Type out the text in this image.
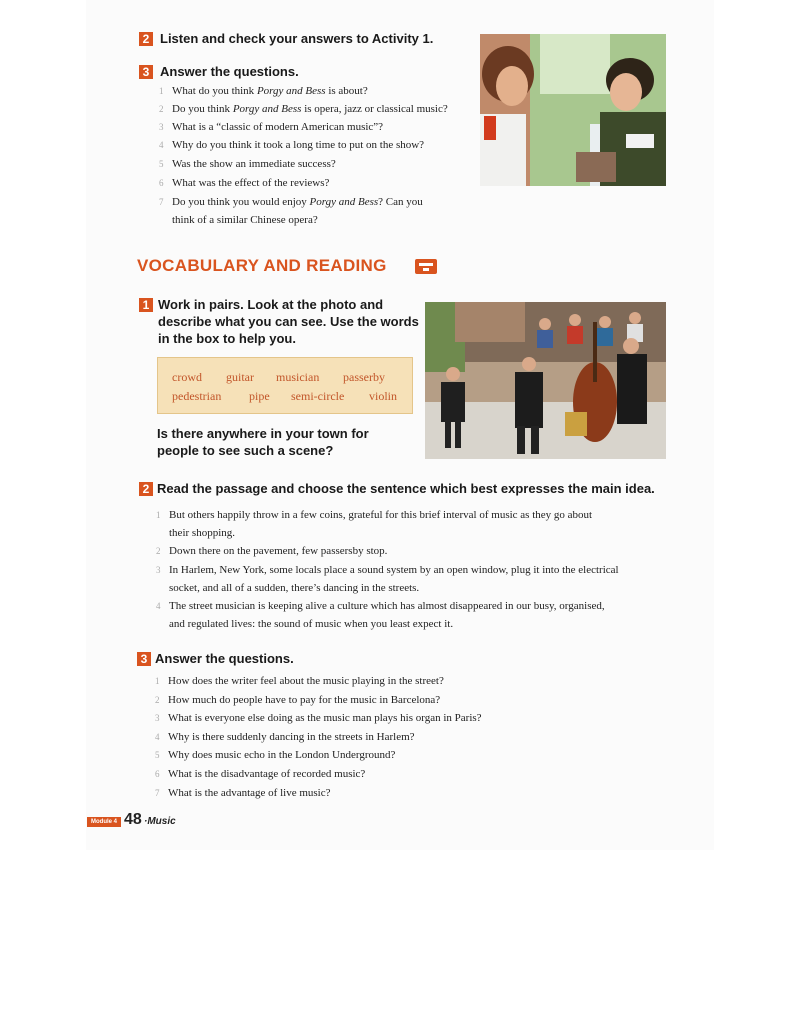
2 Listen and check your answers to Activity 1.
3 Answer the questions.
1 What do you think Porgy and Bess is about?
2 Do you think Porgy and Bess is opera, jazz or classical music?
3 What is a “classic of modern American music”?
4 Why do you think it took a long time to put on the show?
5 Was the show an immediate success?
6 What was the effect of the reviews?
7 Do you think you would enjoy Porgy and Bess? Can you
think of a similar Chinese opera?
VOCABULARY AND READING
1 Work in pairs. Look at the photo and
describe what you can see. Use the words
in the box to help you.
crowd guitar musician passerby
pedestrian pipe semi-circle violin
Is there anywhere in your town for
people to see such a scene?
2 Read the passage and choose the sentence which best expresses the main idea.
1 But others happily throw in a few coins, grateful for this brief interval of music as they go about
their shopping.
2 Down there on the pavement, few passersby stop.
3 In Harlem, New York, some locals place a sound system by an open window, plug it into the electrical
socket, and all of a sudden, there’s dancing in the streets.
4 The street musician is keeping alive a culture which has almost disappeared in our busy, organised,
and regulated lives: the sound of music when you least expect it.
3 Answer the questions.
1 How does the writer feel about the music playing in the street?
2 How much do people have to pay for the music in Barcelona?
3 What is everyone else doing as the music man plays his organ in Paris?
4 Why is there suddenly dancing in the streets in Harlem?
5 Why does music echo in the London Underground?
6 What is the disadvantage of recorded music?
7 What is the advantage of live music?
Module 4 48 ·Music
